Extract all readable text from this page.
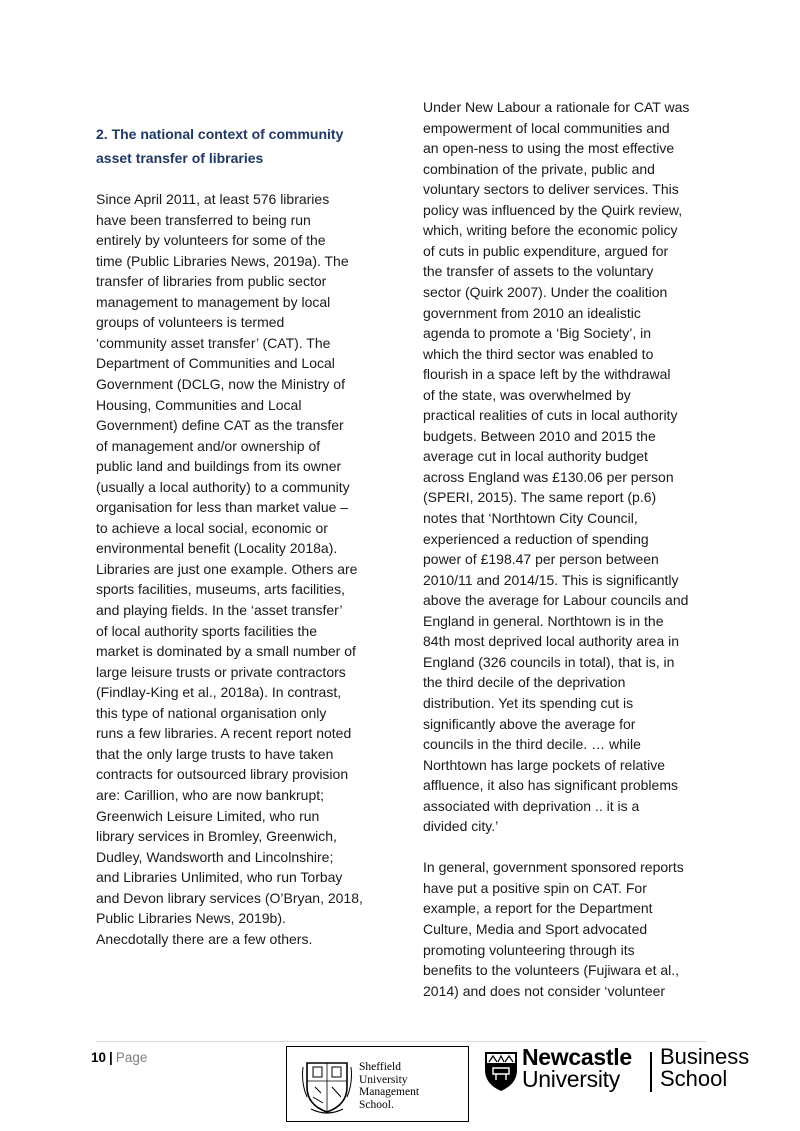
2. The national context of community
asset transfer of libraries
Since April 2011, at least 576 libraries
have been transferred to being run
entirely by volunteers for some of the
time (Public Libraries News, 2019a). The
transfer of libraries from public sector
management to management by local
groups of volunteers is termed
‘community asset transfer’ (CAT). The
Department of Communities and Local
Government (DCLG, now the Ministry of
Housing, Communities and Local
Government) define CAT as the transfer
of management and/or ownership of
public land and buildings from its owner
(usually a local authority) to a community
organisation for less than market value –
to achieve a local social, economic or
environmental benefit (Locality 2018a).
Libraries are just one example. Others are
sports facilities, museums, arts facilities,
and playing fields. In the ‘asset transfer’
of local authority sports facilities the
market is dominated by a small number of
large leisure trusts or private contractors
(Findlay-King et al., 2018a). In contrast,
this type of national organisation only
runs a few libraries. A recent report noted
that the only large trusts to have taken
contracts for outsourced library provision
are: Carillion, who are now bankrupt;
Greenwich Leisure Limited, who run
library services in Bromley, Greenwich,
Dudley, Wandsworth and Lincolnshire;
and Libraries Unlimited, who run Torbay
and Devon library services (O’Bryan, 2018,
Public Libraries News, 2019b).
Anecdotally there are a few others.
Under New Labour a rationale for CAT was
empowerment of local communities and
an open-ness to using the most effective
combination of the private, public and
voluntary sectors to deliver services. This
policy was influenced by the Quirk review,
which, writing before the economic policy
of cuts in public expenditure, argued for
the transfer of assets to the voluntary
sector (Quirk 2007). Under the coalition
government from 2010 an idealistic
agenda to promote a ‘Big Society’, in
which the third sector was enabled to
flourish in a space left by the withdrawal
of the state, was overwhelmed by
practical realities of cuts in local authority
budgets. Between 2010 and 2015 the
average cut in local authority budget
across England was £130.06 per person
(SPERI, 2015). The same report (p.6)
notes that ‘Northtown City Council,
experienced a reduction of spending
power of £198.47 per person between
2010/11 and 2014/15. This is significantly
above the average for Labour councils and
England in general. Northtown is in the
84th most deprived local authority area in
England (326 councils in total), that is, in
the third decile of the deprivation
distribution. Yet its spending cut is
significantly above the average for
councils in the third decile. … while
Northtown has large pockets of relative
affluence, it also has significant problems
associated with deprivation .. it is a
divided city.’
In general, government sponsored reports
have put a positive spin on CAT. For
example, a report for the Department
Culture, Media and Sport advocated
promoting volunteering through its
benefits to the volunteers (Fujiwara et al.,
2014) and does not consider ‘volunteer
10 | Page
Sheffield
University
Management
School.
Newcastle
University
Business
School
